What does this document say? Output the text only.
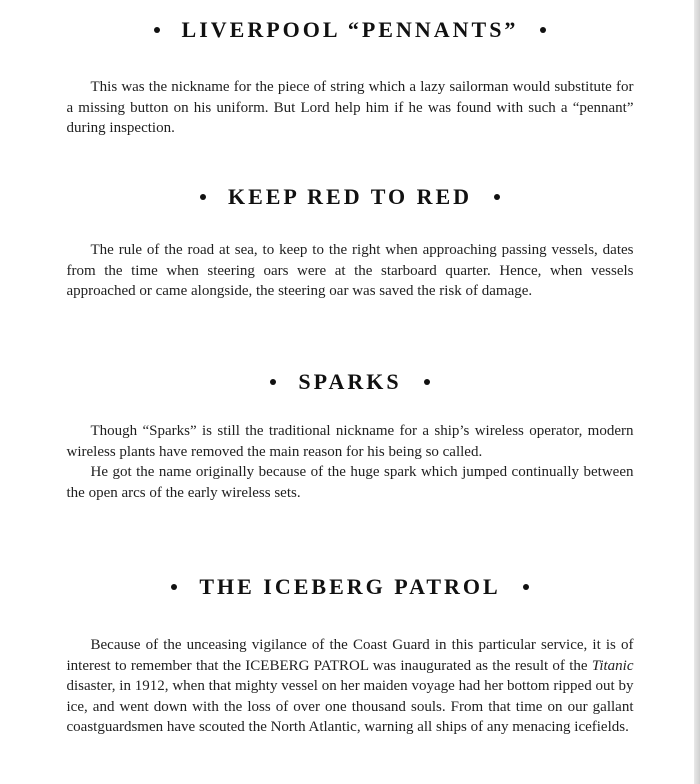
LIVERPOOL “PENNANTS”

This was the nickname for the piece of string which a lazy sailorman would substitute for a missing button on his uniform. But Lord help him if he was found with such a “pennant” during inspection.

KEEP RED TO RED

The rule of the road at sea, to keep to the right when approaching passing vessels, dates from the time when steering oars were at the starboard quarter. Hence, when vessels approached or came alongside, the steering oar was saved the risk of damage.

SPARKS

Though “Sparks” is still the traditional nickname for a ship’s wireless operator, modern wireless plants have removed the main reason for his being so called.

He got the name originally because of the huge spark which jumped continually between the open arcs of the early wireless sets.

THE ICEBERG PATROL

Because of the unceasing vigilance of the Coast Guard in this particular service, it is of interest to remember that the ICEBERG PATROL was inaugurated as the result of the Titanic disaster, in 1912, when that mighty vessel on her maiden voyage had her bottom ripped out by ice, and went down with the loss of over one thousand souls. From that time on our gallant coastguardsmen have scouted the North Atlantic, warning all ships of any menacing icefields.
